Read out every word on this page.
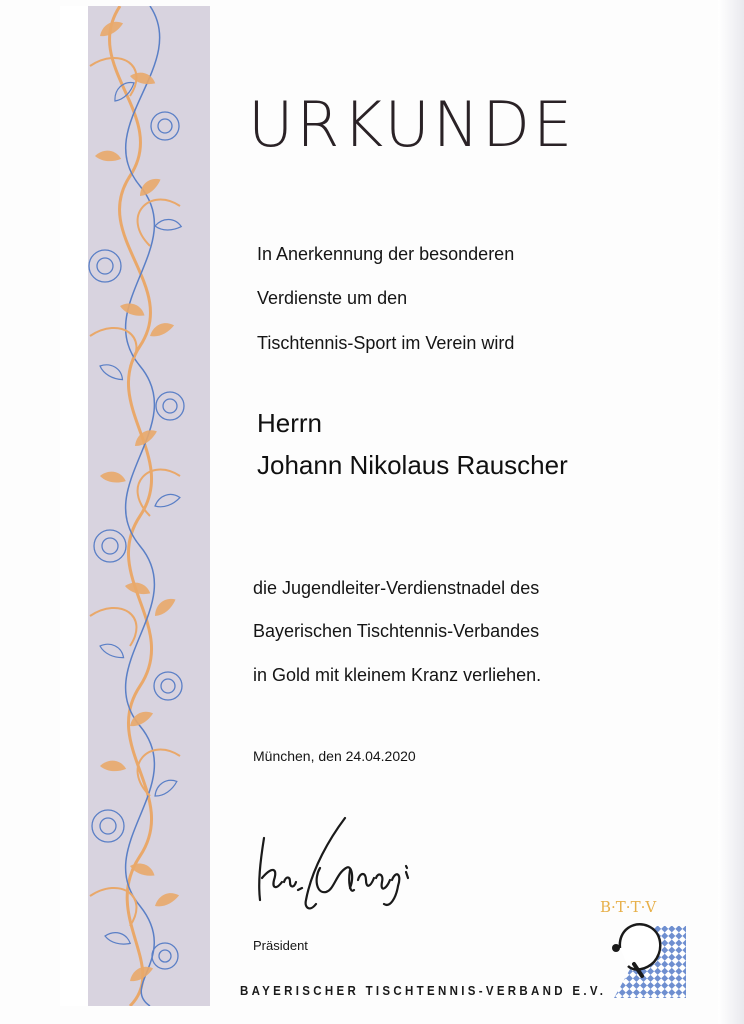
URKUNDE
In Anerkennung der besonderen
Verdienste um den
Tischtennis-Sport im Verein wird
Herrn
Johann Nikolaus Rauscher
die Jugendleiter-Verdienstnadel des
Bayerischen Tischtennis-Verbandes
in Gold mit kleinem Kranz verliehen.
München, den 24.04.2020
Präsident
BAYERISCHER TISCHTENNIS-VERBAND E.V.
B·T·T·V
